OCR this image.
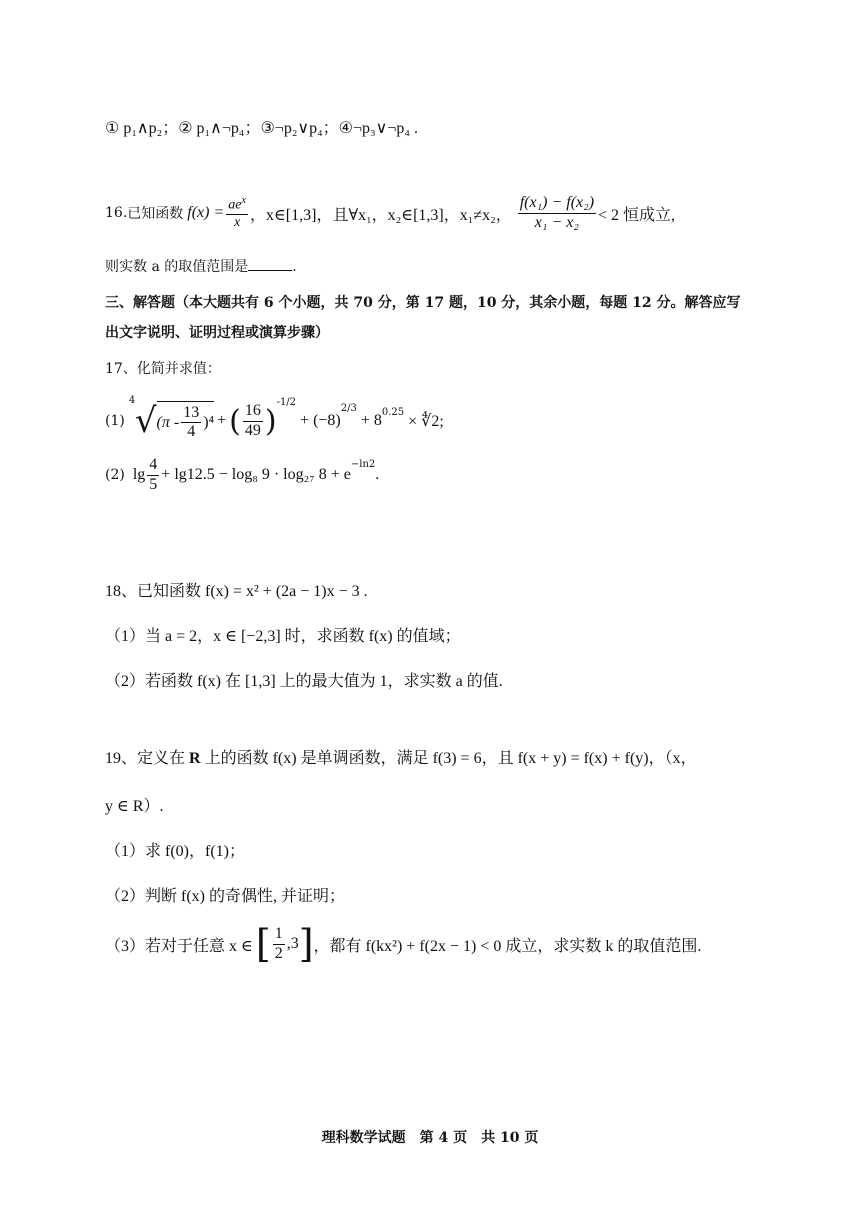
① p₁∧p₂；② p₁∧¬p₄；③¬p₂∨p₄；④¬p₃∨¬p₄ .
16. 已知函数 $f(x) = \frac{ae^x}{x}$ ，x∈[1,3]，且∀x₁，x₂∈[1,3]，x₁≠x₂， $\frac{\text{f(x₁) − f(x₂)}}{\text{x₁ − x₂}} < 2$ 恒成立,
则实数 a 的取值范围是	.
三、解答题（本大题共有 6 个小题，共 70 分，第 17 题，10 分，其余小题，每题 12 分。解答应写
出文字说明、证明过程或演算步骤）
17、化简并求值：
(1)
4
√ $(\pi - \frac{13}{4} )^4$ + ( $\frac{16}{49}$ )
$^{-1/2}$
+ (−8)
$^{2/3}$
+ $8^{0.25}$
× ∜2;
(2) $\lg \frac{4}{5} + \lg 12.5 - \log_8$ 9 · log₂₇ 8 + e
$^{-ln2}$
.
18、已知函数 f(x) = x² + (2a − 1)x − 3 .
（1）当 a = 2，x ∈ [−2,3] 时，求函数 f(x) 的值域；
（2）若函数 f(x) 在 [1,3] 上的最大值为 1，求实数 a 的值.
19、定义在 R 上的函数 f(x) 是单调函数，满足 f(3) = 6，且 f(x + y) = f(x) + f(y)，（x，
y ∈ R）.
（1）求 f(0)，f(1)；
（2）判断 f(x) 的奇偶性, 并证明；
（3）若对于任意 x ∈ [ $\frac{1}{2} ,3$ ] ，都有 f(kx²) + f(2x − 1) < 0 成立，求实数 k 的取值范围.
理科数学试题　第 4 页　共 10 页
